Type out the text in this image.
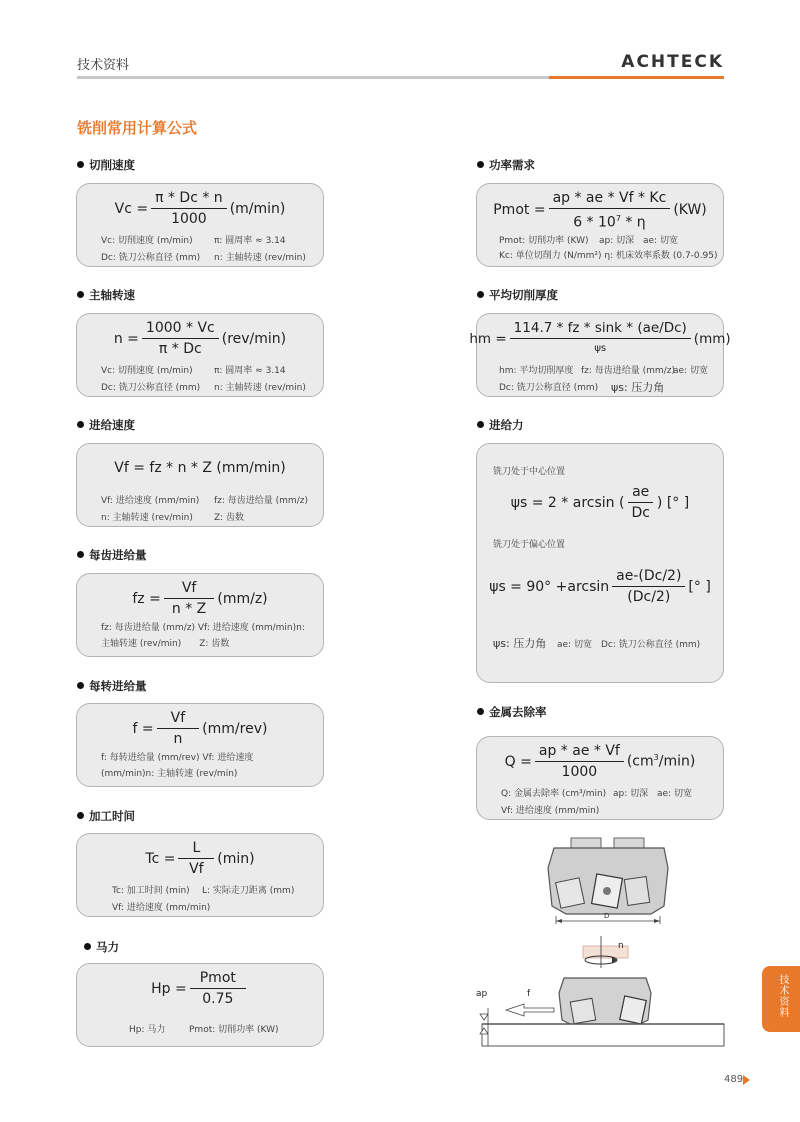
技术资料	ACHTECK
铣削常用计算公式
切削速度
$Vc = \frac{\pi * Dc * n}{1000} (m/\min)$
Vc: 切削速度 (m/min) π: 圆周率 ≈ 3.14
Dc: 铣刀公称直径 (mm) n: 主轴转速 (rev/min)
主轴转速
$n = \frac{1000 * Vc}{\pi * Dc} (rev/\min)$
Vc: 切削速度 (m/min) π: 圆周率 ≈ 3.14
Dc: 铣刀公称直径 (mm) n: 主轴转速 (rev/min)
进给速度
Vf = fz * n * Z (mm/min)
Vf: 进给速度 (mm/min) fz: 每齿进给量 (mm/z)
n: 主轴转速 (rev/min) Z: 齿数
每齿进给量
fz = $\frac{Vf}{n * Z} (mm/z)$
fz: 每齿进给量 (mm/z) Vf: 进给速度 (mm/min)n: 主轴转速 (rev/min) Z: 齿数
每转进给量
$f = \frac{Vf}{n} (mm/rev)$
f: 每转进给量 (mm/rev) Vf: 进给速度 (mm/min)n: 主轴转速 (rev/min)
加工时间
$Tc = \frac{L}{Vf} (\min)$
Tc: 加工时间 (min) L: 实际走刀距离 (mm)
Vf: 进给速度 (mm/min)
马力
$Hp = \frac{\text{Pmot}}{0.75}$
Hp: 马力	Pmot: 切削功率 (KW)
功率需求
Pmot = $\frac{ap * ae * Vf * Kc}{6 * 10^7 * \eta} (KW)$
Pmot: 切削功率 (KW) ap: 切深 ae: 切宽
Kc: 单位切削力 (N/mm²) η: 机床效率系数 (0.7-0.95)
平均切削厚度
hm = $\frac{114.7 * fz * \sin k * (ae/Dc)}{\psi s} (mm)$
hm: 平均切削厚度 fz: 每齿进给量 (mm/z)
ae: 切宽
Dc: 铣刀公称直径 (mm) ψs: 压力角
进给力
铣刀处于中心位置
ψs = 2 * arcsin ( $\frac{ae}{Dc}$ ) [° ]
铣刀处于偏心位置
$\psi s = 90^\circ +\arcsin \frac{ae-(Dc/2)}{(Dc/2)}$ [° ]
ψs: 压力角 ae: 切宽 Dc: 铣刀公称直径 (mm)
金属去除率
$Q = \frac{ap * ae * Vf}{1000} (cm^3/\min)$
Q: 金属去除率 (cm³/min) ap: 切深 ae: 切宽
Vf: 进给速度 (mm/min)
D
n
ap	f	技术资料
489
